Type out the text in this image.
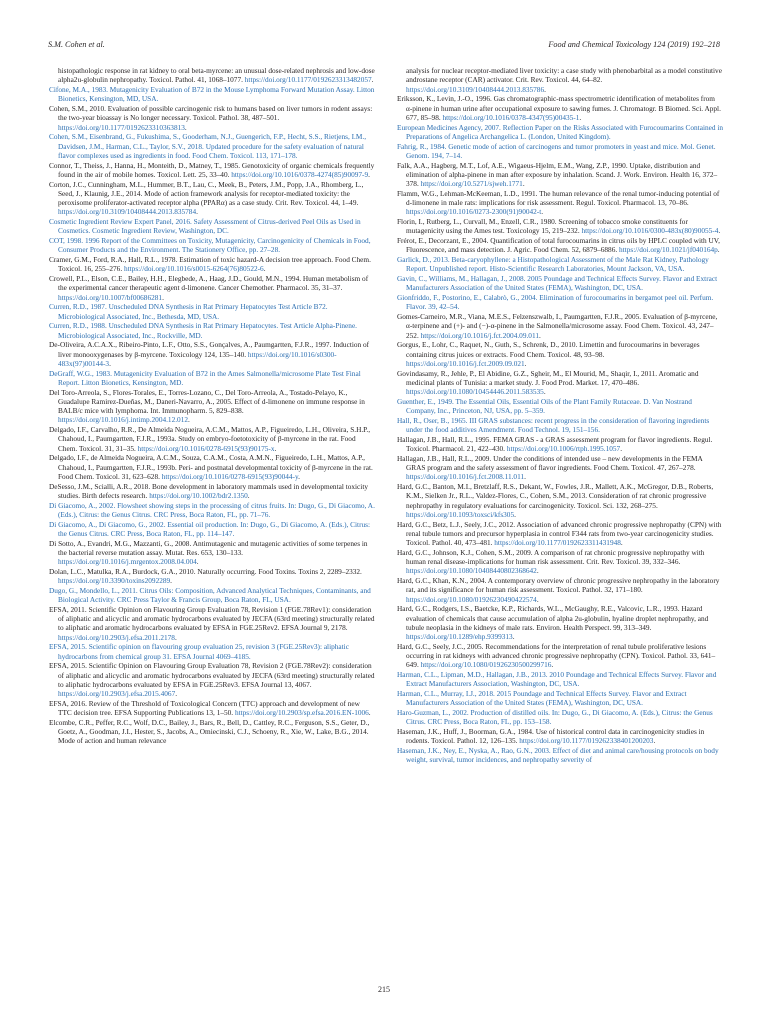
S.M. Cohen et al.	Food and Chemical Toxicology 124 (2019) 192–218

histopathologic response in rat kidney to oral beta-myrcene: an unusual dose-related nephrosis and low-dose alpha2u-globulin nephropathy. Toxicol. Pathol. 41, 1068–1077. https://doi.org/10.1177/0192623313482057.

Cifone, M.A., 1983. Mutagenicity Evaluation of B72 in the Mouse Lymphoma Forward Mutation Assay. Litton Bionetics, Kensington, MD, USA.

Cohen, S.M., 2010. Evaluation of possible carcinogenic risk to humans based on liver tumors in rodent assays: the two-year bioassay is No longer necessary. Toxicol. Pathol. 38, 487–501. https://doi.org/10.1177/0192623310363813.

Cohen, S.M., Eisenbrand, G., Fukushima, S., Gooderham, N.J., Guengerich, F.P., Hecht, S.S., Rietjens, I.M., Davidsen, J.M., Harman, C.L., Taylor, S.V., 2018. Updated procedure for the safety evaluation of natural flavor complexes used as ingredients in food. Food Chem. Toxicol. 113, 171–178.

Connor, T., Theiss, J., Hanna, H., Monteith, D., Matney, T., 1985. Genotoxicity of organic chemicals frequently found in the air of mobile homes. Toxicol. Lett. 25, 33–40. https://doi.org/10.1016/0378-4274(85)90097-9.

Corton, J.C., Cunningham, M.L., Hummer, B.T., Lau, C., Meek, B., Peters, J.M., Popp, J.A., Rhomberg, L., Seed, J., Klaunig, J.E., 2014. Mode of action framework analysis for receptor-mediated toxicity: the peroxisome proliferator-activated receptor alpha (PPARα) as a case study. Crit. Rev. Toxicol. 44, 1–49. https://doi.org/10.3109/10408444.2013.835784.

Cosmetic Ingredient Review Expert Panel, 2016. Safety Assessment of Citrus-derived Peel Oils as Used in Cosmetics. Cosmetic Ingredient Review, Washington, DC.

COT, 1998. 1996 Report of the Committees on Toxicity, Mutagenicity, Carcinogenicity of Chemicals in Food, Consumer Products and the Environment. The Stationery Office, pp. 27–28.

Cramer, G.M., Ford, R.A., Hall, R.L., 1978. Estimation of toxic hazard-A decision tree approach. Food Chem. Toxicol. 16, 255–276. https://doi.org/10.1016/s0015-6264(76)80522-6.

Crowell, P.L., Elson, C.E., Bailey, H.H., Elegbede, A., Haag, J.D., Gould, M.N., 1994. Human metabolism of the experimental cancer therapeutic agent d-limonene. Cancer Chemother. Pharmacol. 35, 31–37. https://doi.org/10.1007/bf00686281.

Curren, R.D., 1987. Unscheduled DNA Synthesis in Rat Primary Hepatocytes Test Article B72. Microbiological Associated, Inc., Bethesda, MD, USA.

Curren, R.D., 1988. Unscheduled DNA Synthesis in Rat Primary Hepatocytes. Test Article Alpha-Pinene. Microbiological Associated, Inc., Rockville, MD.

De-Oliveira, A.C.A.X., Ribeiro-Pinto, L.F., Otto, S.S., Gonçalves, A., Paumgartten, F.J.R., 1997. Induction of liver monooxygenases by β-myrcene. Toxicology 124, 135–140. https://doi.org/10.1016/s0300-483x(97)00144-3.

DeGraff, W.G., 1983. Mutagenicity Evaluation of B72 in the Ames Salmonella/microsome Plate Test Final Report. Litton Bionetics, Kensington, MD.

Del Toro-Arreola, S., Flores-Torales, E., Torres-Lozano, C., Del Toro-Arreola, A., Tostado-Pelayo, K., Guadalupe Ramirez-Dueñas, M., Daneri-Navarro, A., 2005. Effect of d-limonene on immune response in BALB/c mice with lymphoma. Int. Immunopharm. 5, 829–838. https://doi.org/10.1016/j.intimp.2004.12.012.

Delgado, I.F., Carvalho, R.R., De Almeida Nogueira, A.C.M., Mattos, A.P., Figueiredo, L.H., Oliveira, S.H.P., Chahoud, I., Paumgartten, F.J.R., 1993a. Study on embryo-foetotoxicity of β-myrcene in the rat. Food Chem. Toxicol. 31, 31–35. https://doi.org/10.1016/0278-6915(93)90175-x.

Delgado, I.F., de Almeida Nogueira, A.C.M., Souza, C.A.M., Costa, A.M.N., Figueiredo, L.H., Mattos, A.P., Chahoud, I., Paumgartten, F.J.R., 1993b. Peri- and postnatal developmental toxicity of β-myrcene in the rat. Food Chem. Toxicol. 31, 623–628. https://doi.org/10.1016/0278-6915(93)90044-y.

DeSesso, J.M., Scialli, A.R., 2018. Bone development in laboratory mammals used in developmental toxicity studies. Birth defects research. https://doi.org/10.1002/bdr2.1350.

Di Giacomo, A., 2002. Flowsheet showing steps in the processing of citrus fruits. In: Dugo, G., Di Giacomo, A. (Eds.), Citrus: the Genus Citrus. CRC Press, Boca Raton, FL, pp. 71–76.

Di Giacomo, A., Di Giacomo, G., 2002. Essential oil production. In: Dugo, G., Di Giacomo, A. (Eds.), Citrus: the Genus Citrus. CRC Press, Boca Raton, FL, pp. 114–147.

Di Sotto, A., Evandri, M.G., Mazzanti, G., 2008. Antimutagenic and mutagenic activities of some terpenes in the bacterial reverse mutation assay. Mutat. Res. 653, 130–133. https://doi.org/10.1016/j.mrgentox.2008.04.004.

Dolan, L.C., Matulka, R.A., Burdock, G.A., 2010. Naturally occurring. Food Toxins. Toxins 2, 2289–2332. https://doi.org/10.3390/toxins2092289.

Dugo, G., Mondello, L., 2011. Citrus Oils: Composition, Advanced Analytical Techniques, Contaminants, and Biological Activity. CRC Press Taylor & Francis Group, Boca Raton, FL, USA.

EFSA, 2011. Scientific Opinion on Flavouring Group Evaluation 78, Revision 1 (FGE.78Rev1): consideration of aliphatic and alicyclic and aromatic hydrocarbons evaluated by JECFA (63rd meeting) structurally related to aliphatic and aromatic hydrocarbons evaluated by EFSA in FGE.25Rev2. EFSA Journal 9, 2178. https://doi.org/10.2903/j.efsa.2011.2178.

EFSA, 2015. Scientific opinion on flavouring group evaluation 25, revision 3 (FGE.25Rev3): aliphatic hydrocarbons from chemical group 31. EFSA Journal 4069–4185.

EFSA, 2015. Scientific Opinion on Flavouring Group Evaluation 78, Revision 2 (FGE.78Rev2): consideration of aliphatic and alicyclic and aromatic hydrocarbons evaluated by JECFA (63rd meeting) structurally related to aliphatic hydrocarbons evaluated by EFSA in FGE.25Rev3. EFSA Journal 13, 4067. https://doi.org/10.2903/j.efsa.2015.4067.

EFSA, 2016. Review of the Threshold of Toxicological Concern (TTC) approach and development of new TTC decision tree. EFSA Supporting Publications 13, 1–50. https://doi.org/10.2903/sp.efsa.2016.EN-1006.

Elcombe, C.R., Peffer, R.C., Wolf, D.C., Bailey, J., Bars, R., Bell, D., Cattley, R.C., Ferguson, S.S., Geter, D., Goetz, A., Goodman, J.I., Hester, S., Jacobs, A., Omiecinski, C.J., Schoeny, R., Xie, W., Lake, B.G., 2014. Mode of action and human relevance

analysis for nuclear receptor-mediated liver toxicity: a case study with phenobarbital as a model constitutive androstane receptor (CAR) activator. Crit. Rev. Toxicol. 44, 64–82. https://doi.org/10.3109/10408444.2013.835786.

Eriksson, K., Levin, J.-O., 1996. Gas chromatographic-mass spectrometric identification of metabolites from α-pinene in human urine after occupational exposure to sawing fumes. J. Chromatogr. B Biomed. Sci. Appl. 677, 85–98. https://doi.org/10.1016/0378-4347(95)00435-1.

European Medicines Agency, 2007. Reflection Paper on the Risks Associated with Furocoumarins Contained in Preparations of Angelica Archangelica L. (London, United Kingdom).

Fahrig, R., 1984. Genetic mode of action of carcinogens and tumor promoters in yeast and mice. Mol. Genet. Genom. 194, 7–14.

Falk, A.A., Hagberg, M.T., Lof, A.E., Wigaeus-Hjelm, E.M., Wang, Z.P., 1990. Uptake, distribution and elimination of alpha-pinene in man after exposure by inhalation. Scand. J. Work. Environ. Health 16, 372–378. https://doi.org/10.5271/sjweh.1771.

Flamm, W.G., Lehman-McKeeman, L.D., 1991. The human relevance of the renal tumor-inducing potential of d-limonene in male rats: implications for risk assessment. Regul. Toxicol. Pharmacol. 13, 70–86. https://doi.org/10.1016/0273-2300(91)90042-t.

Florin, I., Rutberg, L., Curvall, M., Enzell, C.R., 1980. Screening of tobacco smoke constituents for mutagenicity using the Ames test. Toxicology 15, 219–232. https://doi.org/10.1016/0300-483x(80)90055-4.

Frérot, E., Decorzant, E., 2004. Quantification of total furocoumarins in citrus oils by HPLC coupled with UV, Fluorescence, and mass detection. J. Agric. Food Chem. 52, 6879–6886. https://doi.org/10.1021/jf040164p.

Garlick, D., 2013. Beta-caryophyllene: a Histopathological Assessment of the Male Rat Kidney, Pathology Report. Unpublished report. Histo-Scientific Research Laboratories, Mount Jackson, VA, USA.

Gavin, C., Williams, M., Hallagan, J., 2008. 2005 Poundage and Technical Effects Survey. Flavor and Extract Manufacturers Association of the United States (FEMA), Washington, DC, USA.

Gionfriddo, F., Postorino, E., Calabrò, G., 2004. Elimination of furocoumarins in bergamot peel oil. Perfum. Flavor. 39, 42–54.

Gomes-Carneiro, M.R., Viana, M.E.S., Felzenszwalb, I., Paumgartten, F.J.R., 2005. Evaluation of β-myrcene, α-terpinene and (+)- and (−)-α-pinene in the Salmonella/microsome assay. Food Chem. Toxicol. 43, 247–252. https://doi.org/10.1016/j.fct.2004.09.011.

Gorgus, E., Lohr, C., Raquet, N., Guth, S., Schrenk, D., 2010. Limettin and furocoumarins in beverages containing citrus juices or extracts. Food Chem. Toxicol. 48, 93–98. https://doi.org/10.1016/j.fct.2009.09.021.

Govindasamy, R., Jehle, P., El Abidine, G.Z., Sgheir, M., El Mourid, M., Shaqir, I., 2011. Aromatic and medicinal plants of Tunisia: a market study. J. Food Prod. Market. 17, 470–486. https://doi.org/10.1080/10454446.2011.583535.

Guenther, E., 1949. The Essential Oils, Essential Oils of the Plant Family Rutaceae. D. Van Nostrand Company, Inc., Princeton, NJ, USA, pp. 5–359.

Hall, R., Oser, B., 1965. III GRAS substances: recent progress in the consideration of flavoring ingredients under the food additives Amendment. Food Technol. 19, 151–156.

Hallagan, J.B., Hall, R.L., 1995. FEMA GRAS - a GRAS assessment program for flavor ingredients. Regul. Toxicol. Pharmacol. 21, 422–430. https://doi.org/10.1006/rtph.1995.1057.

Hallagan, J.B., Hall, R.L., 2009. Under the conditions of intended use – new developments in the FEMA GRAS program and the safety assessment of flavor ingredients. Food Chem. Toxicol. 47, 267–278. https://doi.org/10.1016/j.fct.2008.11.011.

Hard, G.C., Banton, M.I., Bretzlaff, R.S., Dekant, W., Fowles, J.R., Mallett, A.K., McGregor, D.B., Roberts, K.M., Sielken Jr., R.L., Valdez-Flores, C., Cohen, S.M., 2013. Consideration of rat chronic progressive nephropathy in regulatory evaluations for carcinogenicity. Toxicol. Sci. 132, 268–275. https://doi.org/10.1093/toxsci/kfs305.

Hard, G.C., Betz, L.J., Seely, J.C., 2012. Association of advanced chronic progressive nephropathy (CPN) with renal tubule tumors and precursor hyperplasia in control F344 rats from two-year carcinogenicity studies. Toxicol. Pathol. 40, 473–481. https://doi.org/10.1177/0192623311431948.

Hard, G.C., Johnson, K.J., Cohen, S.M., 2009. A comparison of rat chronic progressive nephropathy with human renal disease-implications for human risk assessment. Crit. Rev. Toxicol. 39, 332–346. https://doi.org/10.1080/10408440802368642.

Hard, G.C., Khan, K.N., 2004. A contemporary overview of chronic progressive nephropathy in the laboratory rat, and its significance for human risk assessment. Toxicol. Pathol. 32, 171–180. https://doi.org/10.1080/01926230490422574.

Hard, G.C., Rodgers, I.S., Baetcke, K.P., Richards, W.L., McGaughy, R.E., Valcovic, L.R., 1993. Hazard evaluation of chemicals that cause accumulation of alpha 2u-globulin, hyaline droplet nephropathy, and tubule neoplasia in the kidneys of male rats. Environ. Health Perspect. 99, 313–349. https://doi.org/10.1289/ehp.9399313.

Hard, G.C., Seely, J.C., 2005. Recommendations for the interpretation of renal tubule proliferative lesions occurring in rat kidneys with advanced chronic progressive nephropathy (CPN). Toxicol. Pathol. 33, 641–649. https://doi.org/10.1080/01926230500299716.

Harman, C.L., Lipman, M.D., Hallagan, J.B., 2013. 2010 Poundage and Technical Effects Survey. Flavor and Extract Manufacturers Association, Washington, DC, USA.

Harman, C.L., Murray, I.J., 2018. 2015 Poundage and Technical Effects Survey. Flavor and Extract Manufacturers Association of the United States (FEMA), Washington, DC, USA.

Haro-Guzman, L., 2002. Production of distilled oils. In: Dugo, G., Di Giacomo, A. (Eds.), Citrus: the Genus Citrus. CRC Press, Boca Raton, FL, pp. 153–158.

Haseman, J.K., Huff, J., Boorman, G.A., 1984. Use of historical control data in carcinogenicity studies in rodents. Toxicol. Pathol. 12, 126–135. https://doi.org/10.1177/019262338401200203.

Haseman, J.K., Ney, E., Nyska, A., Rao, G.N., 2003. Effect of diet and animal care/housing protocols on body weight, survival, tumor incidences, and nephropathy severity of

215
